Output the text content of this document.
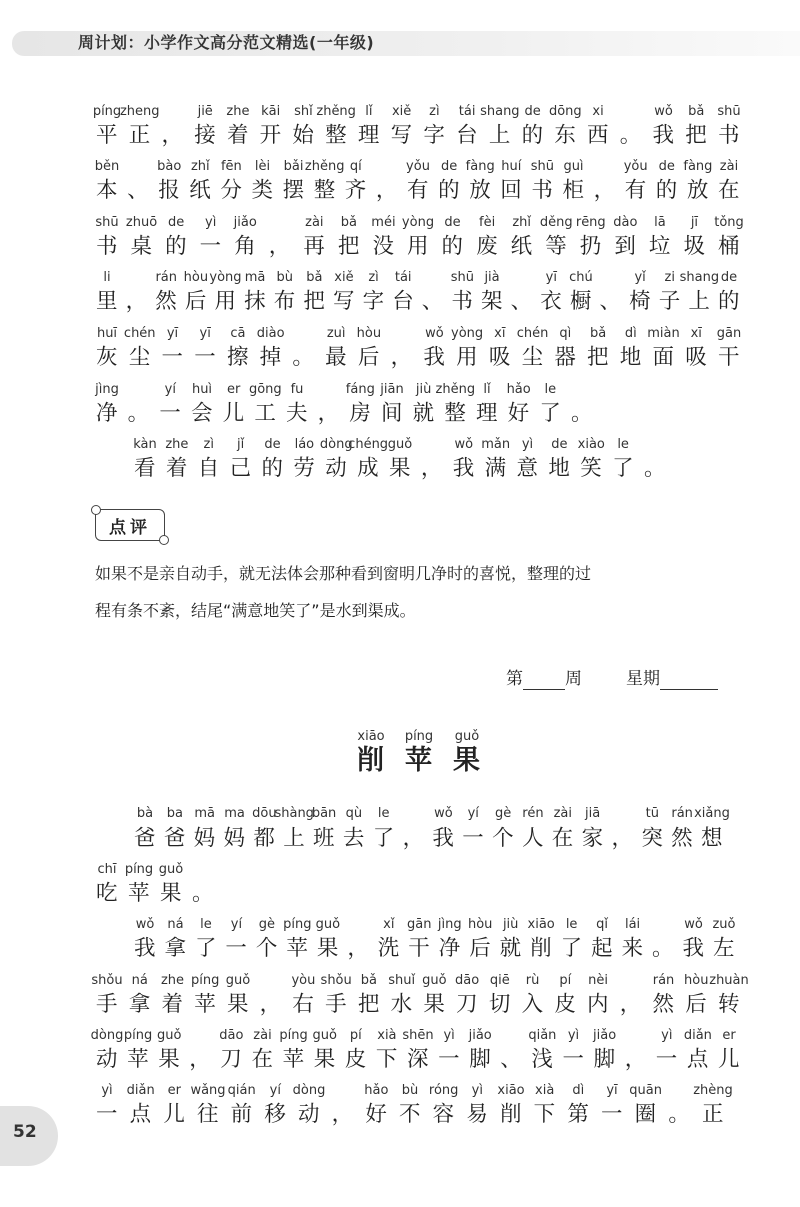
周计划：小学作文高分范文精选(一年级)
píng
zheng	jiē zhe kāi shǐ zhěng lǐ xiě zì tái shang de dōng xi	wǒ bǎ shū
平 正 ， 接 着 开 始 整 理 写 字 台 上 的 东 西 。 我 把 书
běn	bào zhǐ fēn lèi bǎi zhěng qí	yǒu de fàng huí shū guì	yǒu de fàng zài
本 、 报 纸 分 类 摆 整 齐 ， 有 的 放 回 书 柜 ， 有 的 放 在
shū zhuō de yì jiǎo	zài bǎ méi yòng de fèi zhǐ děng rēng dào lā jī tǒng
书 桌 的 一 角 ， 再 把 没 用 的 废 纸 等 扔 到 垃 圾 桶
li	rán hòu yòng mā bù bǎ xiě zì tái	shū jià	yī chú	yǐ zi shang de
里 ， 然 后 用 抹 布 把 写 字 台 、 书 架 、 衣 橱 、 椅 子 上 的
huī chén yī yī cā diào	zuì hòu	wǒ yòng xī chén qì bǎ dì miàn xī gān
灰 尘 一 一 擦 掉 。 最 后 ， 我 用 吸 尘 器 把 地 面 吸 干
jìng	yí huì er gōng fu	fáng jiān jiù zhěng lǐ hǎo le
净 。 一 会 儿 工 夫 ， 房 间 就 整 理 好 了 。
kàn zhe zì jǐ de láo dòng
chéng guǒ	wǒ mǎn yì de xiào le
看 着 自 己 的 劳 动 成 果 ， 我 满 意 地 笑 了 。
点评
如果不是亲自动手，就无法体会那种看到窗明几净时的喜悦，整理的过
程有条不紊，结尾“满意地笑了”是水到渠成。
第 周	星期
xiāo píng guǒ
削 苹 果
bà ba mā ma dōu
shàng
bān qù le	wǒ yí gè rén zài jiā	tū rán xiǎng
爸 爸 妈 妈 都 上 班 去 了 ， 我 一 个 人 在 家 ， 突 然 想
chī píng guǒ
吃 苹 果 。
wǒ ná le yí gè píng guǒ	xǐ gān jìng hòu jiù xiāo le qǐ lái	wǒ zuǒ
我 拿 了 一 个 苹 果 ， 洗 干 净 后 就 削 了 起 来 。 我 左
shǒu ná zhe píng guǒ	yòu shǒu bǎ shuǐ guǒ dāo qiē rù pí nèi	rán hòu zhuàn
手 拿 着 苹 果 ， 右 手 把 水 果 刀 切 入 皮 内 ， 然 后 转
dòng píng guǒ	dāo zài píng guǒ pí xià shēn yì jiǎo	qiǎn yì jiǎo	yì diǎn er
动 苹 果 ， 刀 在 苹 果 皮 下 深 一 脚 、 浅 一 脚 ， 一 点 儿
yì diǎn er wǎng qián yí dòng	hǎo bù róng yì xiāo xià dì yī quān zhèng
一 点 儿 往 前 移 动 ， 好 不 容 易 削 下 第 一 圈 。 正
52
